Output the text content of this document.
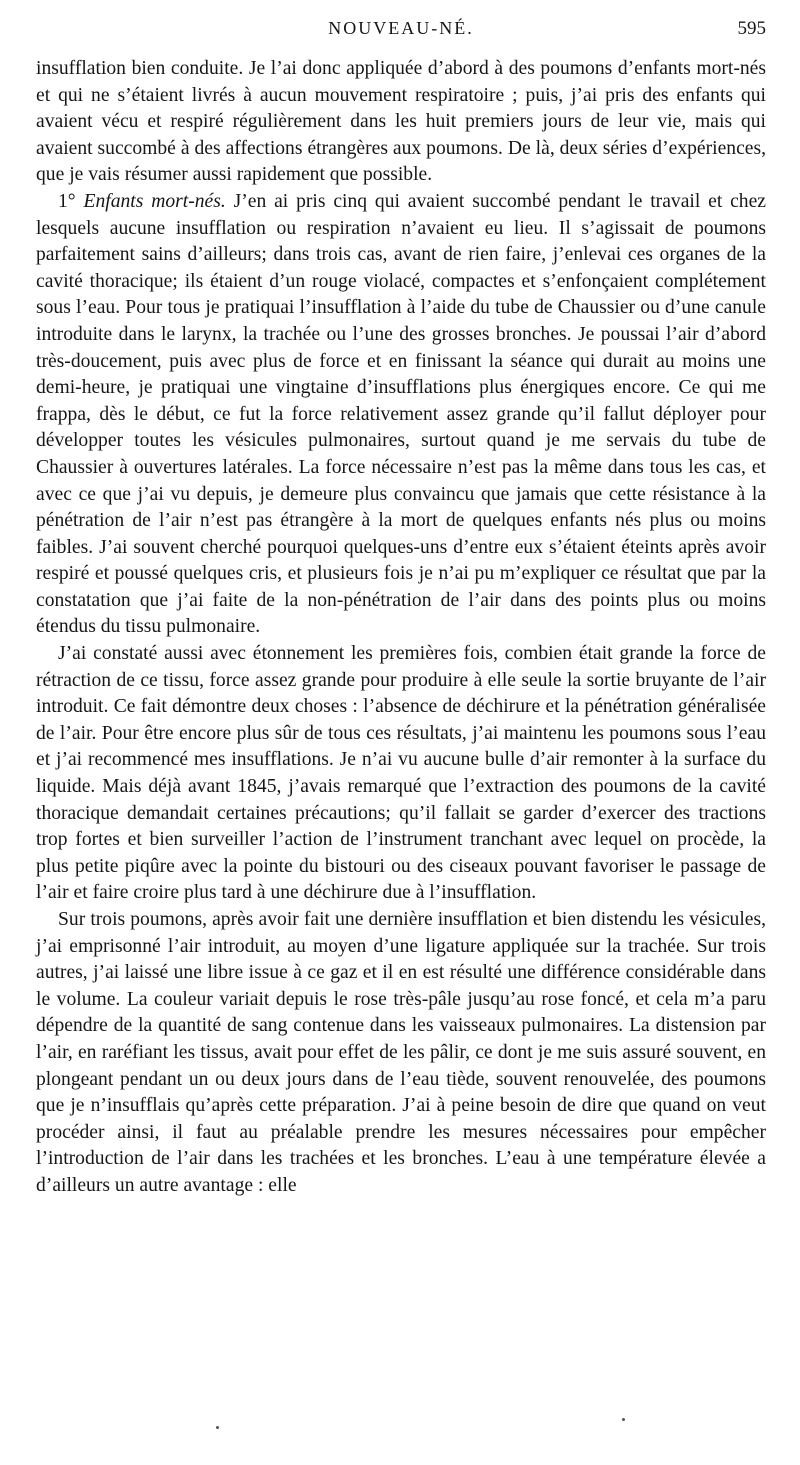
NOUVEAU-NÉ.	595

insufflation bien conduite. Je l’ai donc appliquée d’abord à des poumons d’enfants mort-nés et qui ne s’étaient livrés à aucun mouvement respiratoire ; puis, j’ai pris des enfants qui avaient vécu et respiré régulièrement dans les huit premiers jours de leur vie, mais qui avaient succombé à des affections étrangères aux poumons. De là, deux séries d’expériences, que je vais résumer aussi rapidement que possible.

1° Enfants mort-nés. J’en ai pris cinq qui avaient succombé pendant le travail et chez lesquels aucune insufflation ou respiration n’avaient eu lieu. Il s’agissait de poumons parfaitement sains d’ailleurs; dans trois cas, avant de rien faire, j’enlevai ces organes de la cavité thoracique; ils étaient d’un rouge violacé, compactes et s’enfonçaient complétement sous l’eau. Pour tous je pratiquai l’insufflation à l’aide du tube de Chaussier ou d’une canule introduite dans le larynx, la trachée ou l’une des grosses bronches. Je poussai l’air d’abord très-doucement, puis avec plus de force et en finissant la séance qui durait au moins une demi-heure, je pratiquai une vingtaine d’insufflations plus énergiques encore. Ce qui me frappa, dès le début, ce fut la force relativement assez grande qu’il fallut déployer pour développer toutes les vésicules pulmonaires, surtout quand je me servais du tube de Chaussier à ouvertures latérales. La force nécessaire n’est pas la même dans tous les cas, et avec ce que j’ai vu depuis, je demeure plus convaincu que jamais que cette résistance à la pénétration de l’air n’est pas étrangère à la mort de quelques enfants nés plus ou moins faibles. J’ai souvent cherché pourquoi quelques-uns d’entre eux s’étaient éteints après avoir respiré et poussé quelques cris, et plusieurs fois je n’ai pu m’expliquer ce résultat que par la constatation que j’ai faite de la non-pénétration de l’air dans des points plus ou moins étendus du tissu pulmonaire.

J’ai constaté aussi avec étonnement les premières fois, combien était grande la force de rétraction de ce tissu, force assez grande pour produire à elle seule la sortie bruyante de l’air introduit. Ce fait démontre deux choses : l’absence de déchirure et la pénétration généralisée de l’air. Pour être encore plus sûr de tous ces résultats, j’ai maintenu les poumons sous l’eau et j’ai recommencé mes insufflations. Je n’ai vu aucune bulle d’air remonter à la surface du liquide. Mais déjà avant 1845, j’avais remarqué que l’extraction des poumons de la cavité thoracique demandait certaines précautions; qu’il fallait se garder d’exercer des tractions trop fortes et bien surveiller l’action de l’instrument tranchant avec lequel on procède, la plus petite piqûre avec la pointe du bistouri ou des ciseaux pouvant favoriser le passage de l’air et faire croire plus tard à une déchirure due à l’insufflation.

Sur trois poumons, après avoir fait une dernière insufflation et bien distendu les vésicules, j’ai emprisonné l’air introduit, au moyen d’une ligature appliquée sur la trachée. Sur trois autres, j’ai laissé une libre issue à ce gaz et il en est résulté une différence considérable dans le volume. La couleur variait depuis le rose très-pâle jusqu’au rose foncé, et cela m’a paru dépendre de la quantité de sang contenue dans les vaisseaux pulmonaires. La distension par l’air, en raréfiant les tissus, avait pour effet de les pâlir, ce dont je me suis assuré souvent, en plongeant pendant un ou deux jours dans de l’eau tiède, souvent renouvelée, des poumons que je n’insufflais qu’après cette préparation. J’ai à peine besoin de dire que quand on veut procéder ainsi, il faut au préalable prendre les mesures nécessaires pour empêcher l’introduction de l’air dans les trachées et les bronches. L’eau à une température élevée a d’ailleurs un autre avantage : elle
